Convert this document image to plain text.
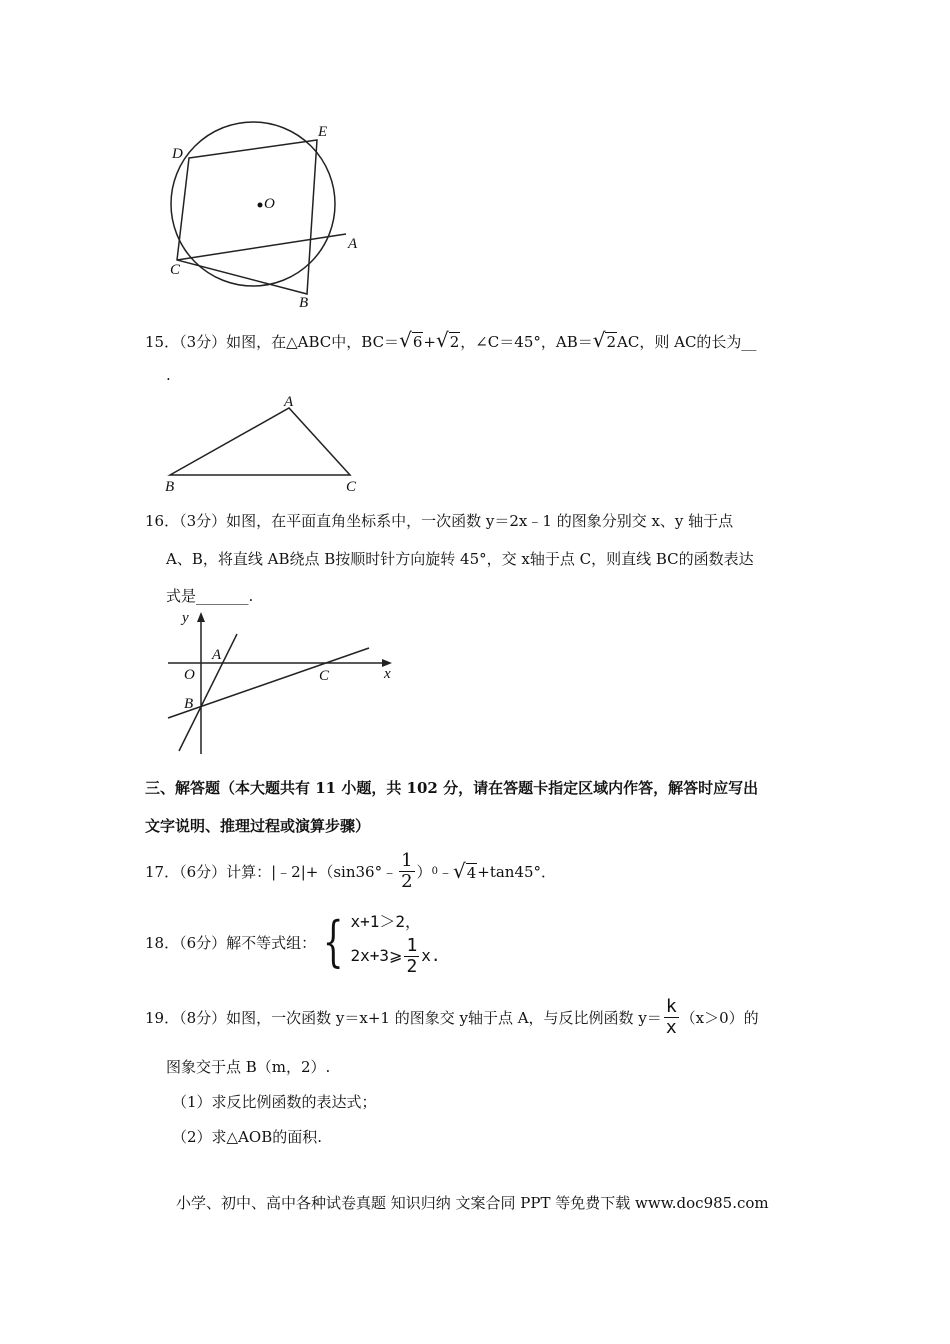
D
E
O
A
C
B
15．（3分）如图，在△ABC中，BC＝√6+√2，∠C＝45°，AB＝√2AC，则 AC的长为__
.
A
B	C
16．（3分）如图，在平面直角坐标系中，一次函数 y＝2x﹣1 的图象分别交 x、y 轴于点
A、B，将直线 AB绕点 B按顺时针方向旋转 45°，交 x轴于点 C，则直线 BC的函数表达
式是_______.
y
A
O	C	x
B
三、解答题（本大题共有 11 小题，共 102 分，请在答题卡指定区域内作答，解答时应写出
文字说明、推理过程或演算步骤）
17．（6分）计算：|﹣2|+（sin36°﹣ $\frac{1}{2}$ ） 0 ﹣ √4 +tan45°．
18．（6分）解不等式组： { x+1＞2，
2x+3⩾ $\frac{1}{2} x$.
19．（8分）如图，一次函数 y＝x+1 的图象交 y轴于点 A，与反比例函数 $y= \frac{k}{x} (x>0)$的
图象交于点 B（m，2）.
（1）求反比例函数的表达式；
（2）求△AOB的面积.
小学、初中、高中各种试卷真题 知识归纳 文案合同 PPT 等免费下载 www.doc985.com
